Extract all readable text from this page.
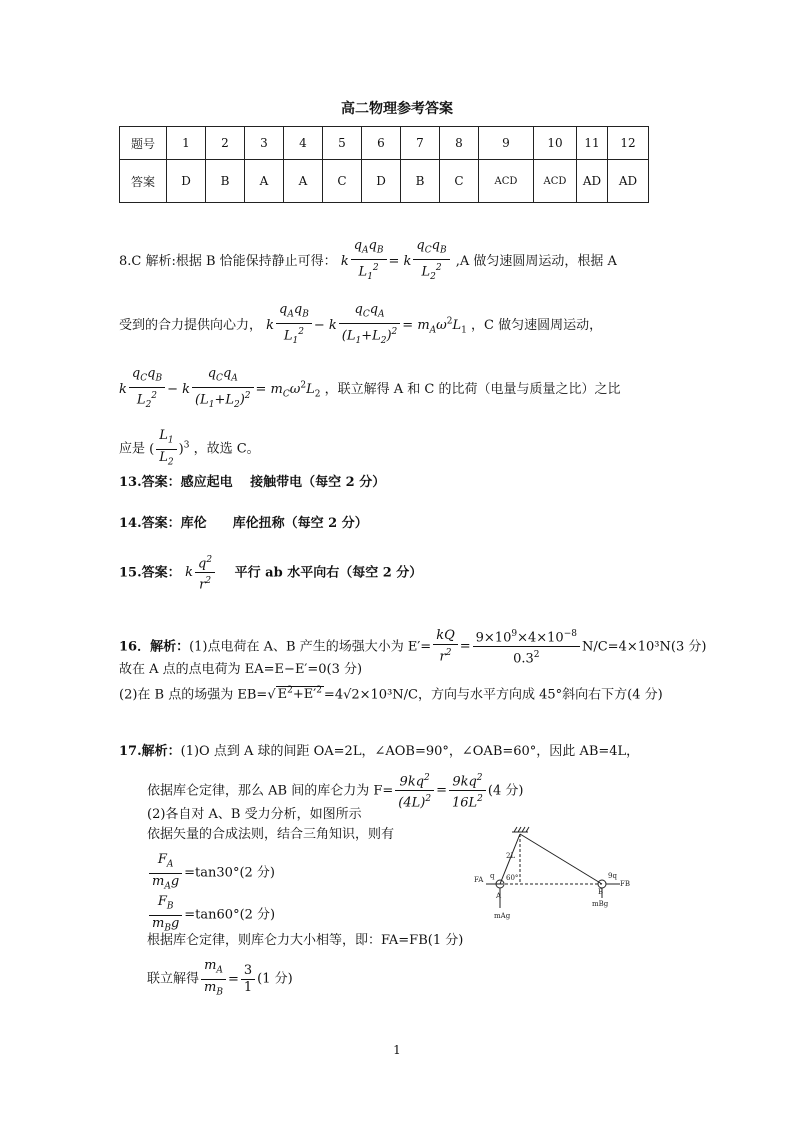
高二物理参考答案
题号	1	2	3	4	5	6	7	8	9	10	11	12
答案	D	B	A	A	C	D	B	C	ACD	ACD	AD	AD
8.C 解析:根据 B 恰能保持静止可得： k $\frac{q_Aq_B}{L_1^2} = k \frac{q_Cq_B}{L_2^2} ,A$ 做匀速圆周运动，根据 A
受到的合力提供向心力， k $\frac{q_Aq_B}{L_1^2} - k \frac{q_Cq_A}{(L_1+L_2)^2} = m_A\omega^2L_1$ ，C 做匀速圆周运动，
k $\frac{q_Cq_B}{L_2^2} - k \frac{q_Cq_A}{(L_1+L_2)^2} = m_C\omega^2L_2$ ，联立解得 A 和 C 的比荷（电量与质量之比）之比
应是 ( $\frac{L_1}{L_2} )^3$ ，故选 C。
13.答案：感应起电　 接触带电（每空 2 分）
14.答案：库伦　　库伦扭称（每空 2 分）
15.答案： k $\frac{q^2}{r^2}$ 　平行 ab 水平向右（每空 2 分）
16．解析：(1)点电荷在 A、B 产生的场强大小为 $E'= \frac{kQ}{r^2} = \frac{9\times 10^9\times 4\times 10^{-8}}{0.3^2} N/C=4\times 10^3N(3$ 分)
故在 A 点的点电荷为 EA=E−E′=0(3 分)
(2)在 B 点的场强为 EB=√ $E^2+E'^2 =4√2\times 10^3N/C$，方向与水平方向成 45°斜向右下方(4 分)
17.解析：(1)O 点到 A 球的间距 OA=2L，∠AOB=90°，∠OAB=60°，因此 AB=4L，
依据库仑定律，那么 AB 间的库仑力为 $F= \frac{9kq^2}{(4L)^2} = \frac{9kq^2}{16L^2} (4$ 分)
(2)各自对 A、B 受力分析，如图所示
依据矢量的合成法则，结合三角知识，则有
$\frac{F_A}{m_Ag} =\tan 30^\circ(2$ 分)
$\frac{F_B}{m_Bg} =\tan 60^\circ(2$ 分)
根据库仑定律，则库仑力大小相等，即：FA=FB(1 分)
联立解得 $\frac{m_A}{m_B} = \frac{3}{1} (1$ 分)
2L
60°
A	B
FA q
mAg
mBg
9q
FB
1
